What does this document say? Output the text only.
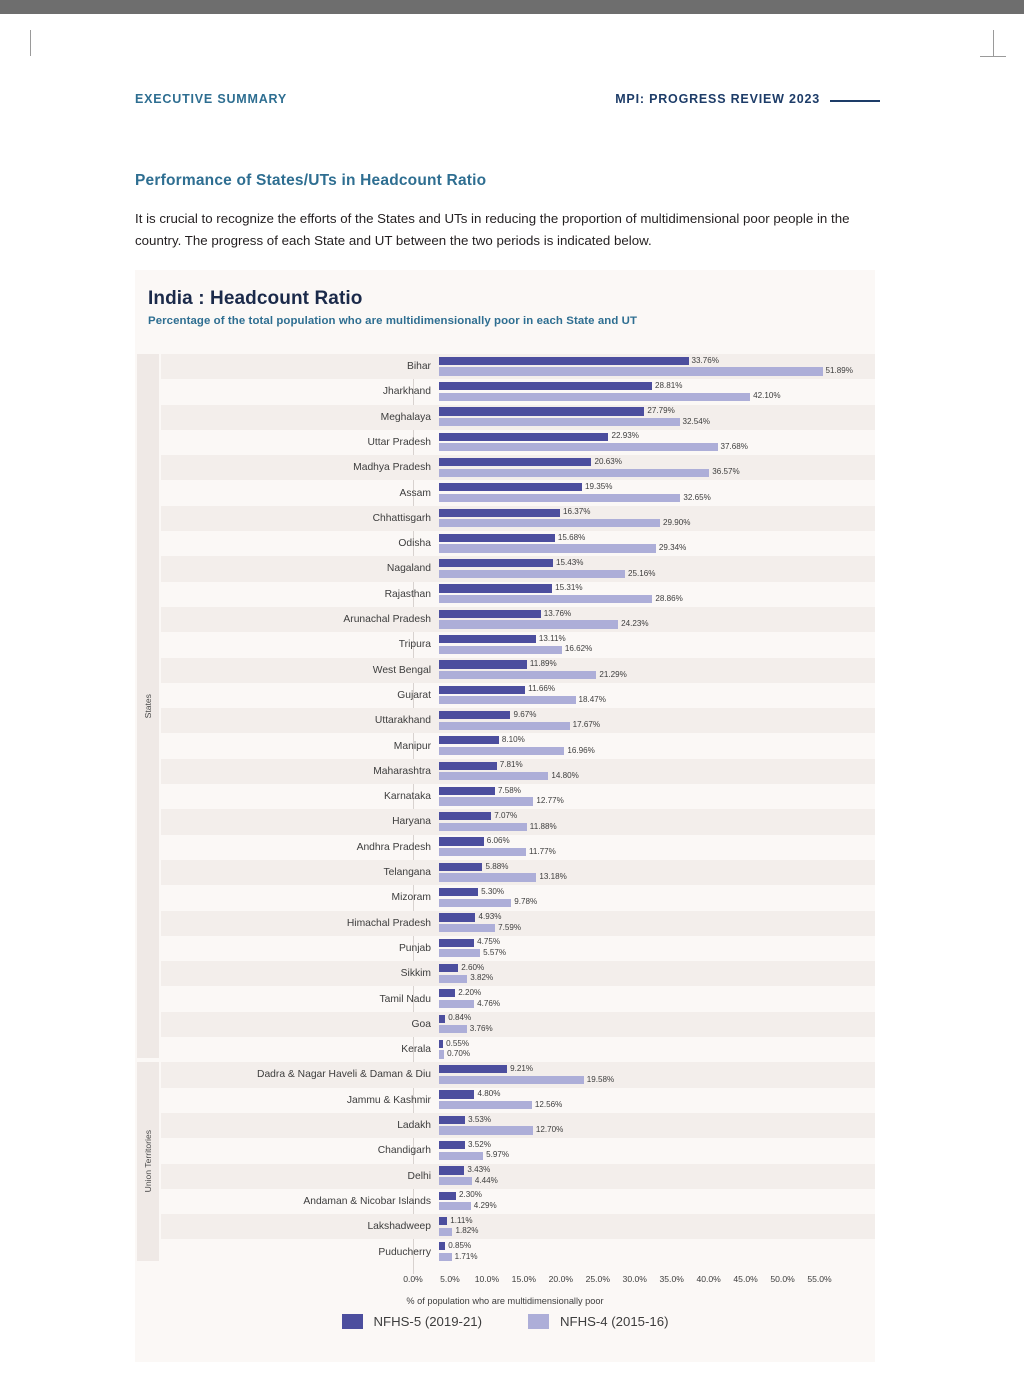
EXECUTIVE SUMMARY	MPI: PROGRESS REVIEW 2023
Performance of States/UTs in Headcount Ratio
It is crucial to recognize the efforts of the States and UTs in reducing the proportion of multidimensional poor people in the country. The progress of each State and UT between the two periods is indicated below.
India : Headcount Ratio
Percentage of the total population who are multidimensionally poor in each State and UT
States
Union Territories
Bihar
33.76%
51.89%
Jharkhand
28.81%
42.10%
Meghalaya
27.79%
32.54%
Uttar Pradesh
22.93%
37.68%
Madhya Pradesh
20.63%
36.57%
Assam
19.35%
32.65%
Chhattisgarh
16.37%
29.90%
Odisha
15.68%
29.34%
Nagaland
15.43%
25.16%
Rajasthan
15.31%
28.86%
Arunachal Pradesh
13.76%
24.23%
Tripura
13.11%
16.62%
West Bengal
11.89%
21.29%
Gujarat
11.66%
18.47%
Uttarakhand
9.67%
17.67%
Manipur
8.10%
16.96%
Maharashtra
7.81%
14.80%
Karnataka
7.58%
12.77%
Haryana
7.07%
11.88%
Andhra Pradesh
6.06%
11.77%
Telangana
5.88%
13.18%
Mizoram
5.30%
9.78%
Himachal Pradesh
4.93%
7.59%
Punjab
4.75%
5.57%
Sikkim
2.60%
3.82%
Tamil Nadu
2.20%
4.76%
Goa
0.84%
3.76%
Kerala
0.55%
0.70%
Dadra & Nagar Haveli & Daman & Diu
9.21%
19.58%
Jammu & Kashmir
4.80%
12.56%
Ladakh
3.53%
12.70%
Chandigarh
3.52%
5.97%
Delhi
3.43%
4.44%
Andaman & Nicobar Islands
2.30%
4.29%
Lakshadweep
1.11%
1.82%
Puducherry
0.85%
1.71%
0.0% 5.0% 10.0% 15.0% 20.0% 25.0% 30.0% 35.0% 40.0% 45.0% 50.0% 55.0%
% of population who are multidimensionally poor
NFHS-5 (2019-21)	NFHS-4 (2015-16)
